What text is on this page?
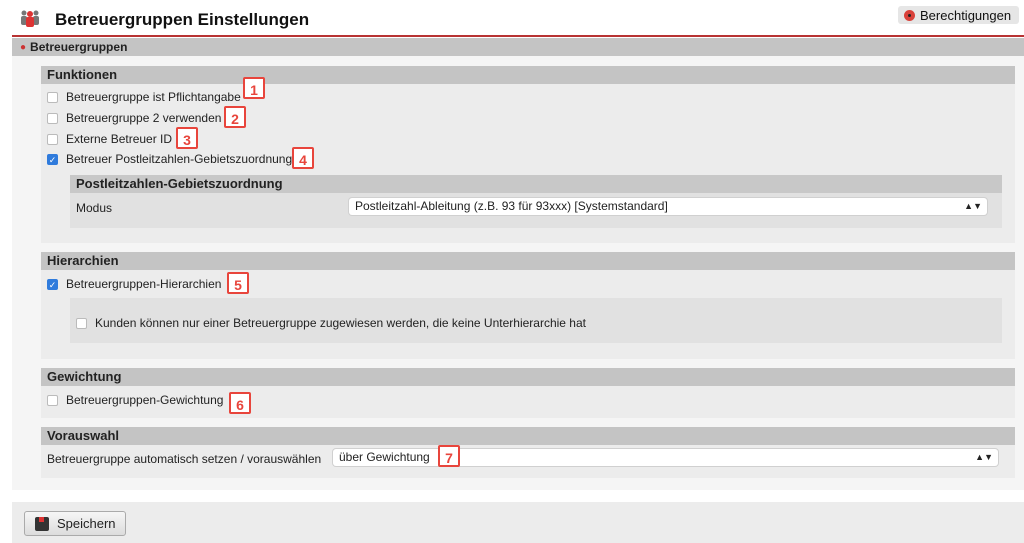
Betreuergruppen Einstellungen	Berechtigungen
● Betreuergruppen
Funktionen
Betreuergruppe ist Pflichtangabe 1
Betreuergruppe 2 verwenden 2
Externe Betreuer ID 3
✓ Betreuer Postleitzahlen-Gebietszuordnung 4
Postleitzahlen-Gebietszuordnung
Modus	Postleitzahl-Ableitung (z.B. 93 für 93xxx) [Systemstandard]	▲▼
Hierarchien
✓ Betreuergruppen-Hierarchien 5
Kunden können nur einer Betreuergruppe zugewiesen werden, die keine Unterhierarchie hat
Gewichtung
Betreuergruppen-Gewichtung 6
Vorauswahl
Betreuergruppe automatisch setzen / vorauswählen	über Gewichtung	▲▼
7
Speichern
